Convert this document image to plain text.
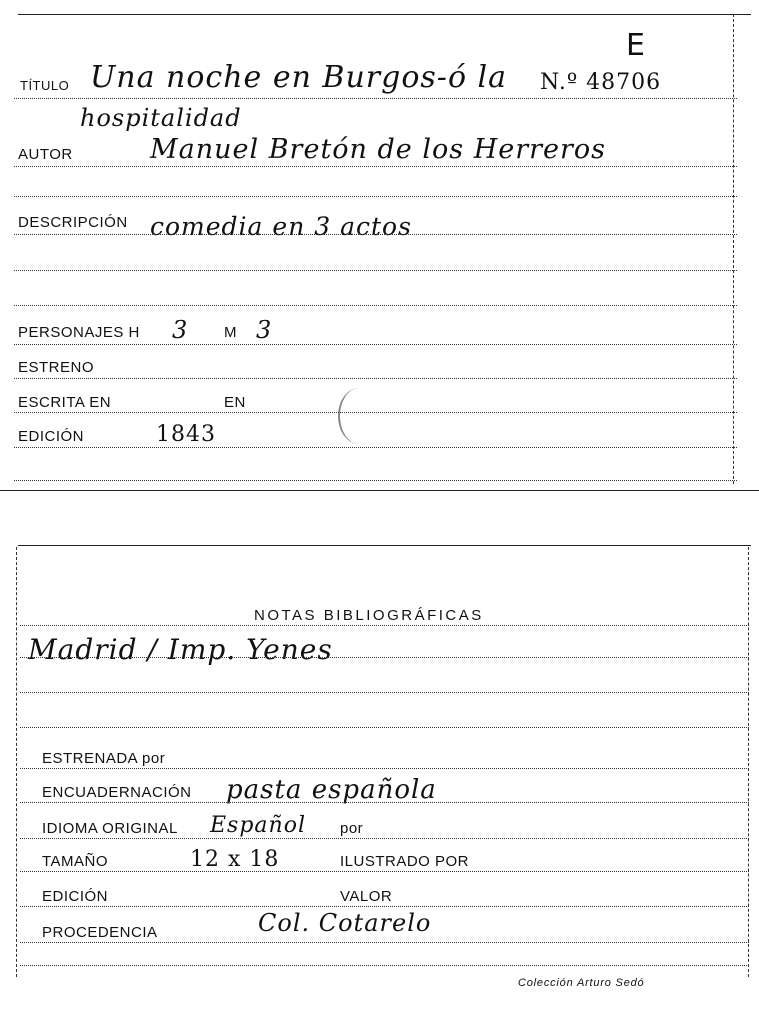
E
TÍTULO Una noche en Burgos-ó la N.º 48706
hospitalidad
AUTOR	Manuel Bretón de los Herreros
DESCRIPCIÓN comedia en 3 actos
PERSONAJES H 3 M 3
ESTRENO
ESCRITA EN	EN
EDICIÓN	1843
NOTAS BIBLIOGRÁFICAS
Madrid / Imp. Yenes
ESTRENADA por
ENCUADERNACIÓN pasta española
IDIOMA ORIGINAL Español por
TAMAÑO	12 x 18	ILUSTRADO POR
EDICIÓN	VALOR
PROCEDENCIA	Col. Cotarelo
Colección Arturo Sedó
